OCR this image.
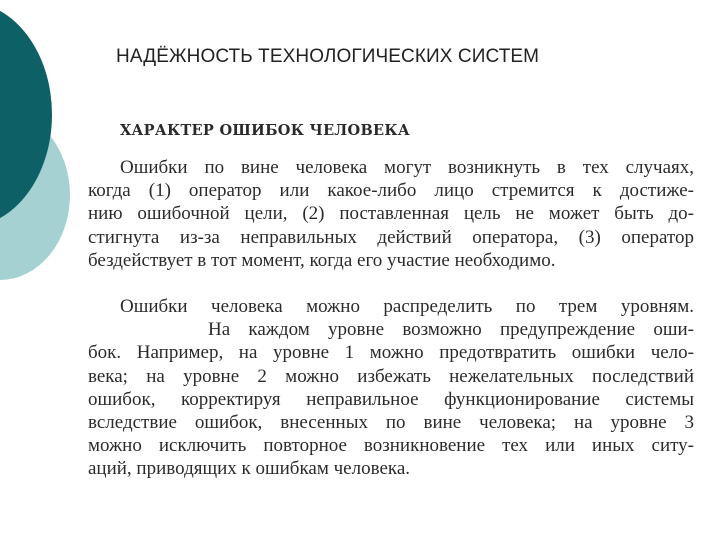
НАДЁЖНОСТЬ ТЕХНОЛОГИЧЕСКИХ СИСТЕМ
ХАРАКТЕР ОШИБОК ЧЕЛОВЕКА
Ошибки по вине человека могут возникнуть в тех случаях,
когда (1) оператор или какое-либо лицо стремится к достиже-
нию ошибочной цели, (2) поставленная цель не может быть до-
стигнута из-за неправильных действий оператора, (3) оператор
бездействует в тот момент, когда его участие необходимо.
Ошибки человека можно распределить по трем уровням.
На каждом уровне возможно предупреждение оши-
бок. Например, на уровне 1 можно предотвратить ошибки чело-
века; на уровне 2 можно избежать нежелательных последствий
ошибок, корректируя неправильное функционирование системы
вследствие ошибок, внесенных по вине человека; на уровне 3
можно исключить повторное возникновение тех или иных ситу-
аций, приводящих к ошибкам человека.
